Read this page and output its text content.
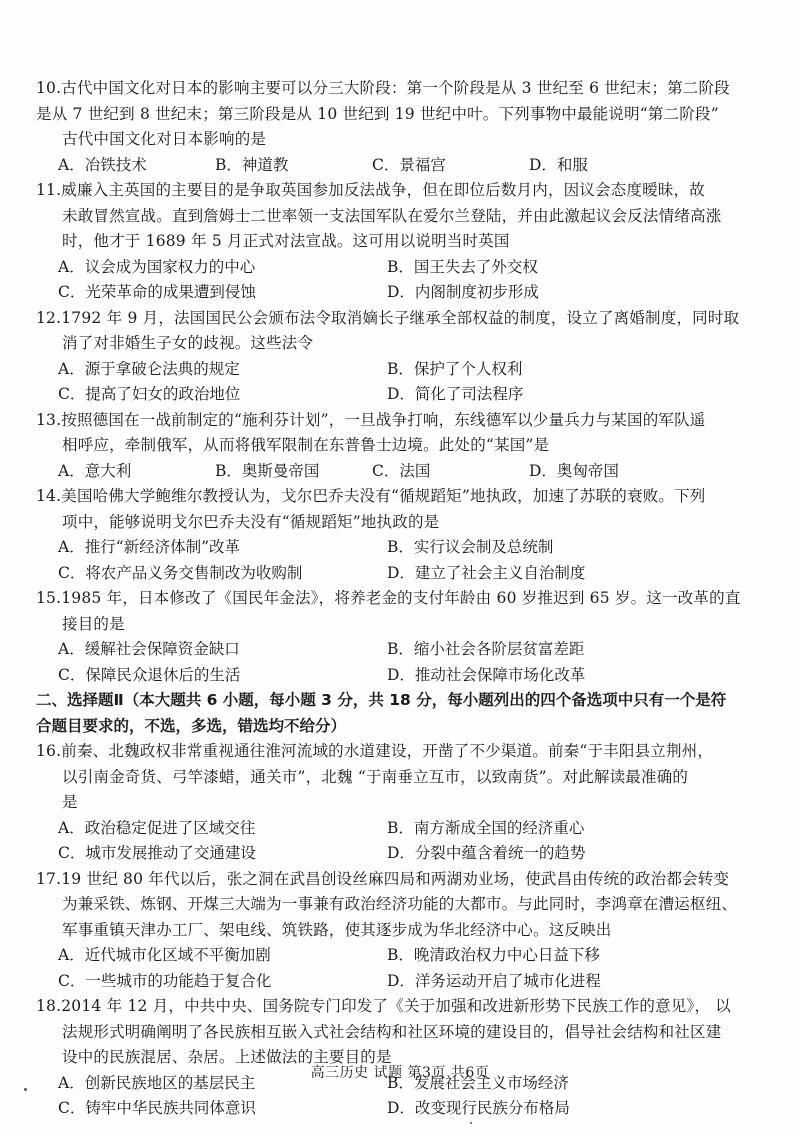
10.古代中国文化对日本的影响主要可以分三大阶段：第一个阶段是从 3 世纪至 6 世纪末；第二阶段
是从 7 世纪到 8 世纪末；第三阶段是从 10 世纪到 19 世纪中叶。下列事物中最能说明“第二阶段”
古代中国文化对日本影响的是
A．冶铁技术	B．神道教	C．景福宫	D．和服
11.威廉入主英国的主要目的是争取英国参加反法战争，但在即位后数月内，因议会态度暧昧，故
未敢冒然宣战。直到詹姆士二世率领一支法国军队在爱尔兰登陆，并由此激起议会反法情绪高涨
时，他才于 1689 年 5 月正式对法宣战。这可用以说明当时英国
A．议会成为国家权力的中心	B．国王失去了外交权
C．光荣革命的成果遭到侵蚀	D．内阁制度初步形成
12.1792 年 9 月，法国国民公会颁布法令取消嫡长子继承全部权益的制度，设立了离婚制度，同时取
消了对非婚生子女的歧视。这些法令
A．源于拿破仑法典的规定	B．保护了个人权利
C．提高了妇女的政治地位	D．简化了司法程序
13.按照德国在一战前制定的“施利芬计划”，一旦战争打响，东线德军以少量兵力与某国的军队遥
相呼应，牵制俄军，从而将俄军限制在东普鲁士边境。此处的“某国”是
A．意大利	B．奥斯曼帝国	C．法国	D．奥匈帝国
14.美国哈佛大学鲍维尔教授认为，戈尔巴乔夫没有“循规蹈矩”地执政，加速了苏联的衰败。下列
项中，能够说明戈尔巴乔夫没有“循规蹈矩”地执政的是
A．推行“新经济体制”改革	B．实行议会制及总统制
C．将农产品义务交售制改为收购制	D．建立了社会主义自治制度
15.1985 年，日本修改了《国民年金法》，将养老金的支付年龄由 60 岁推迟到 65 岁。这一改革的直
接目的是
A．缓解社会保障资金缺口	B．缩小社会各阶层贫富差距
C．保障民众退休后的生活	D．推动社会保障市场化改革
二、选择题Ⅱ（本大题共 6 小题，每小题 3 分，共 18 分，每小题列出的四个备选项中只有一个是符
合题目要求的，不选，多选，错选均不给分）
16.前秦、北魏政权非常重视通往淮河流域的水道建设，开凿了不少渠道。前秦“于丰阳县立荆州，
以引南金奇货、弓竿漆蜡，通关市”，北魏 “于南垂立互市，以致南货”。对此解读最准确的
是
A．政治稳定促进了区域交往	B．南方渐成全国的经济重心
C．城市发展推动了交通建设	D．分裂中蕴含着统一的趋势
17.19 世纪 80 年代以后，张之洞在武昌创设丝麻四局和两湖劝业场，使武昌由传统的政治都会转变
为兼采铁、炼钢、开煤三大端为一事兼有政治经济功能的大都市。与此同时，李鸿章在漕运枢纽、
军事重镇天津办工厂、架电线、筑铁路，使其逐步成为华北经济中心。这反映出
A．近代城市化区域不平衡加剧	B．晚清政治权力中心日益下移
C．一些城市的功能趋于复合化	D．洋务运动开启了城市化进程
18.2014 年 12 月，中共中央、国务院专门印发了《关于加强和改进新形势下民族工作的意见》， 以
法规形式明确阐明了各民族相互嵌入式社会结构和社区环境的建设目的，倡导社会结构和社区建
设中的民族混居、杂居。上述做法的主要目的是
A．创新民族地区的基层民主	B．发展社会主义市场经济
C．铸牢中华民族共同体意识	D．改变现行民族分布格局
高三历史 试题 第3页 共6页
